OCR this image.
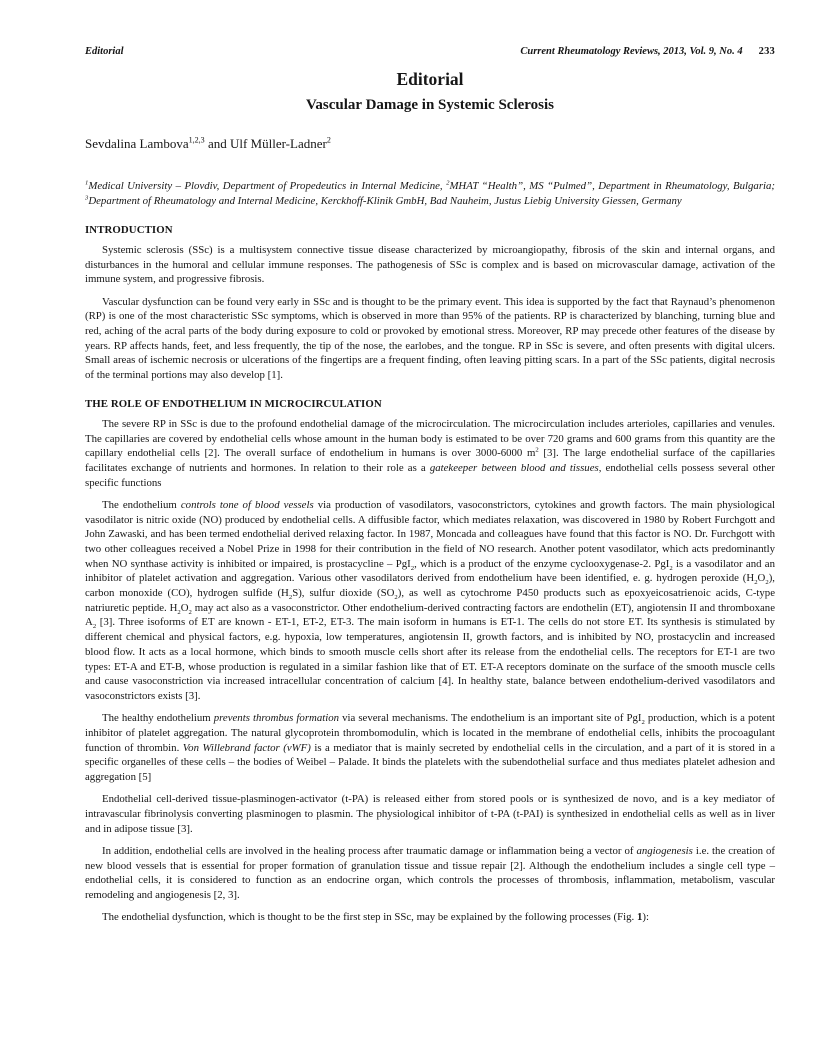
Editorial	Current Rheumatology Reviews, 2013, Vol. 9, No. 4 233
Editorial
Vascular Damage in Systemic Sclerosis
Sevdalina Lambova$^{1,2,3}$ and Ulf Müller-Ladner$^2$
$^1$Medical University – Plovdiv, Department of Propedeutics in Internal Medicine, $^2$MHAT “Health”, MS “Pulmed”, Department in Rheumatology, Bulgaria; $^3$Department of Rheumatology and Internal Medicine, Kerckhoff-Klinik GmbH, Bad Nauheim, Justus Liebig University Giessen, Germany
INTRODUCTION

Systemic sclerosis (SSc) is a multisystem connective tissue disease characterized by microangiopathy, fibrosis of the skin and internal organs, and disturbances in the humoral and cellular immune responses. The pathogenesis of SSc is complex and is based on microvascular damage, activation of the immune system, and progressive fibrosis.

Vascular dysfunction can be found very early in SSc and is thought to be the primary event. This idea is supported by the fact that Raynaud’s phenomenon (RP) is one of the most characteristic SSc symptoms, which is observed in more than 95% of the patients. RP is characterized by blanching, turning blue and red, aching of the acral parts of the body during exposure to cold or provoked by emotional stress. Moreover, RP may precede other features of the disease by years. RP affects hands, feet, and less frequently, the tip of the nose, the earlobes, and the tongue. RP in SSc is severe, and often presents with digital ulcers. Small areas of ischemic necrosis or ulcerations of the fingertips are a frequent finding, often leaving pitting scars. In a part of the SSc patients, digital necrosis of the terminal portions may also develop [1].

THE ROLE OF ENDOTHELIUM IN MICROCIRCULATION

The severe RP in SSc is due to the profound endothelial damage of the microcirculation. The microcirculation includes arterioles, capillaries and venules. The capillaries are covered by endothelial cells whose amount in the human body is estimated to be over 720 grams and 600 grams from this quantity are the capillary endothelial cells [2]. The overall surface of endothelium in humans is over 3000-6000 $m^2$ [3]. The large endothelial surface of the capillaries facilitates exchange of nutrients and hormones. In relation to their role as a gatekeeper between blood and tissues, endothelial cells possess several other specific functions

The endothelium controls tone of blood vessels via production of vasodilators, vasoconstrictors, cytokines and growth factors. The main physiological vasodilator is nitric oxide (NO) produced by endothelial cells. A diffusible factor, which mediates relaxation, was discovered in 1980 by Robert Furchgott and John Zawaski, and has been termed endothelial derived relaxing factor. In 1987, Moncada and colleagues have found that this factor is NO. Dr. Furchgott with two other colleagues received a Nobel Prize in 1998 for their contribution in the field of NO research. Another potent vasodilator, which acts predominantly when NO synthase activity is inhibited or impaired, is prostacycline – PgI$_2$, which is a product of the enzyme cyclooxygenase-2. PgI$_2$ is a vasodilator and an inhibitor of platelet activation and aggregation. Various other vasodilators derived from endothelium have been identified, e. g. hydrogen peroxide $(H_2O_2)$, carbon monoxide (CO), hydrogen sulfide $(H_2S)$, sulfur dioxide $(SO_2)$, as well as cytochrome P450 products such as epoxyeicosatrienoic acids, C-type natriuretic peptide. $H_2O_2$ may act also as a vasoconstrictor. Other endothelium-derived contracting factors are endothelin (ET), angiotensin II and thromboxane $A_2$ [3]. Three isoforms of ET are known - ET-1, ET-2, ET-3. The main isoform in humans is ET-1. The cells do not store ET. Its synthesis is stimulated by different chemical and physical factors, e.g. hypoxia, low temperatures, angiotensin II, growth factors, and is inhibited by NO, prostacyclin and increased blood flow. It acts as a local hormone, which binds to smooth muscle cells short after its release from the endothelial cells. The receptors for ET-1 are two types: ET-A and ET-B, whose production is regulated in a similar fashion like that of ET. ET-A receptors dominate on the surface of the smooth muscle cells and cause vasoconstriction via increased intracellular concentration of calcium [4]. In healthy state, balance between endothelium-derived vasodilators and vasoconstrictors exists [3].

The healthy endothelium prevents thrombus formation via several mechanisms. The endothelium is an important site of PgI$_2$ production, which is a potent inhibitor of platelet aggregation. The natural glycoprotein thrombomodulin, which is located in the membrane of endothelial cells, inhibits the procoagulant function of thrombin. Von Willebrand factor (vWF) is a mediator that is mainly secreted by endothelial cells in the circulation, and a part of it is stored in a specific organelles of these cells – the bodies of Weibel – Palade. It binds the platelets with the subendothelial surface and thus mediates platelet adhesion and aggregation [5]

Endothelial cell-derived tissue-plasminogen-activator (t-PA) is released either from stored pools or is synthesized de novo, and is a key mediator of intravascular fibrinolysis converting plasminogen to plasmin. The physiological inhibitor of t-PA (t-PAI) is synthesized in endothelial cells as well as in liver and in adipose tissue [3].

In addition, endothelial cells are involved in the healing process after traumatic damage or inflammation being a vector of angiogenesis i.e. the creation of new blood vessels that is essential for proper formation of granulation tissue and tissue repair [2]. Although the endothelium includes a single cell type – endothelial cells, it is considered to function as an endocrine organ, which controls the processes of thrombosis, inflammation, metabolism, vascular remodeling and angiogenesis [2, 3].

The endothelial dysfunction, which is thought to be the first step in SSc, may be explained by the following processes (Fig. 1):
